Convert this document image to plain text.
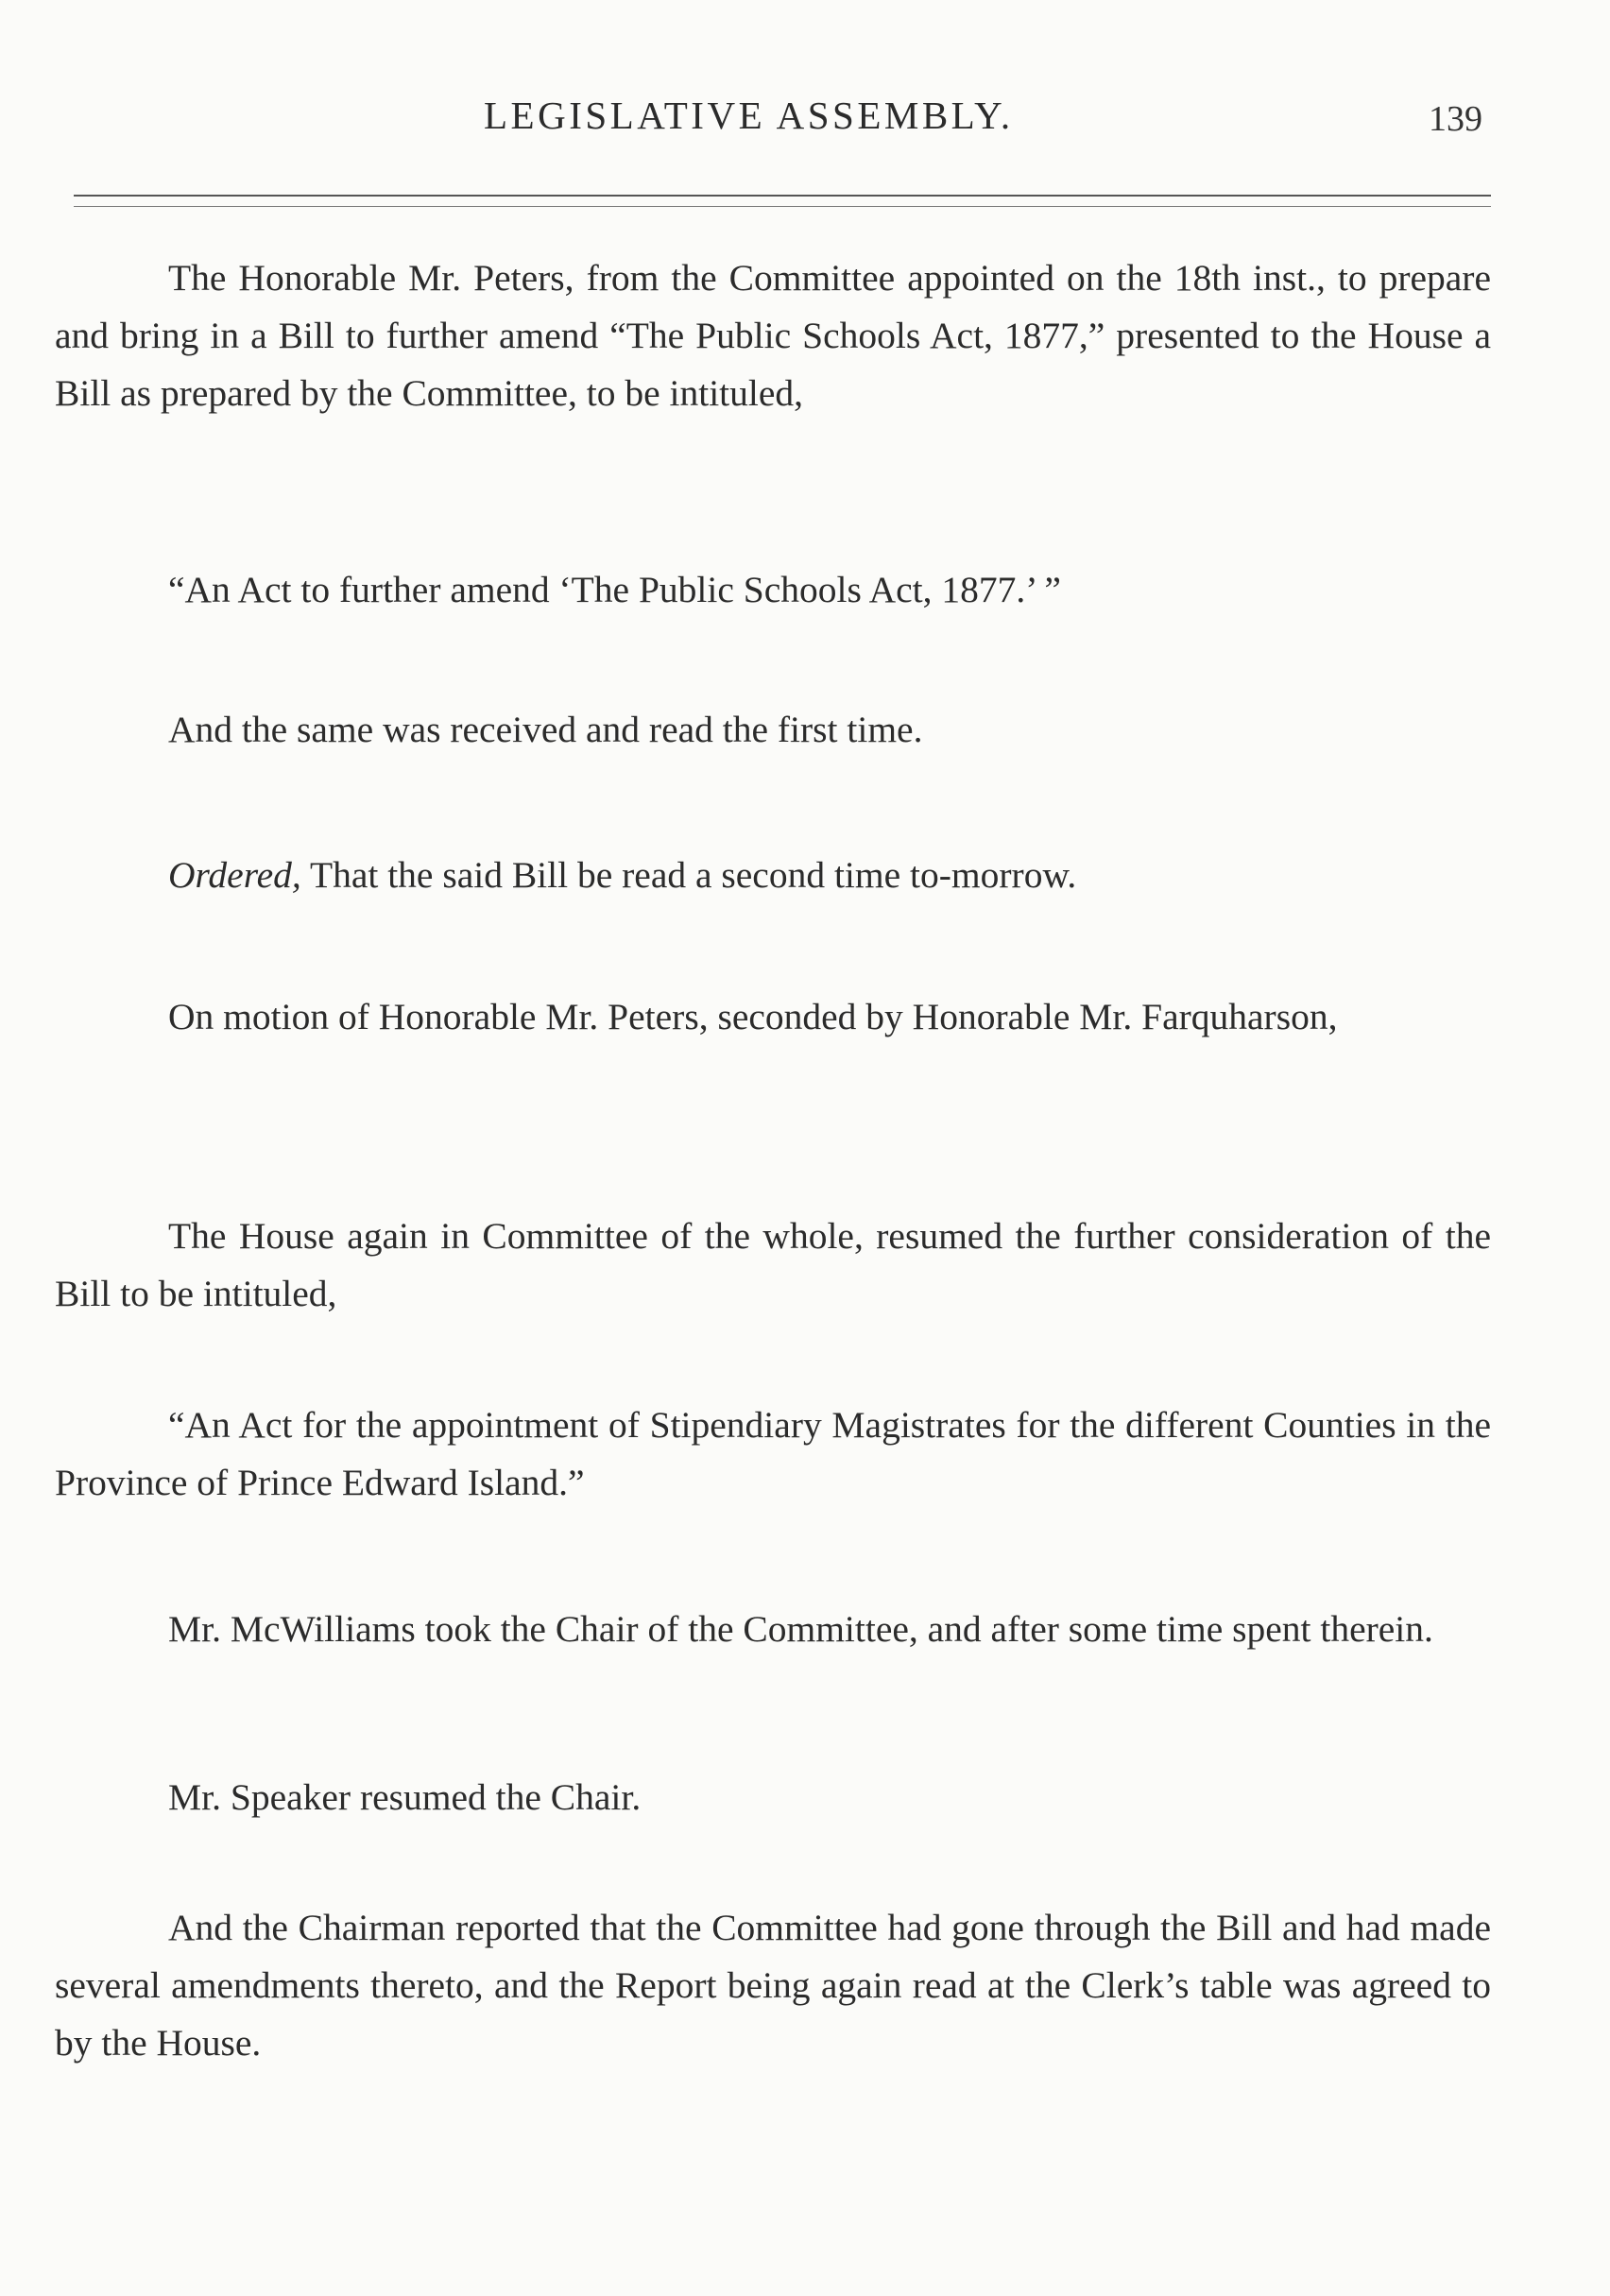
LEGISLATIVE ASSEMBLY.	139

The Honorable Mr. Peters, from the Committee appointed on the 18th inst., to prepare and bring in a Bill to further amend “The Public Schools Act, 1877,” presented to the House a Bill as prepared by the Committee, to be intituled,

“An Act to further amend ‘The Public Schools Act, 1877.’ ”

And the same was received and read the first time.

Ordered, That the said Bill be read a second time to-morrow.

On motion of Honorable Mr. Peters, seconded by Honorable Mr. Farquharson,

The House again in Committee of the whole, resumed the further consideration of the Bill to be intituled,

“An Act for the appointment of Stipendiary Magistrates for the different Counties in the Province of Prince Edward Island.”

Mr. McWilliams took the Chair of the Committee, and after some time spent therein.

Mr. Speaker resumed the Chair.

And the Chairman reported that the Committee had gone through the Bill and had made several amendments thereto, and the Report being again read at the Clerk’s table was agreed to by the House.
